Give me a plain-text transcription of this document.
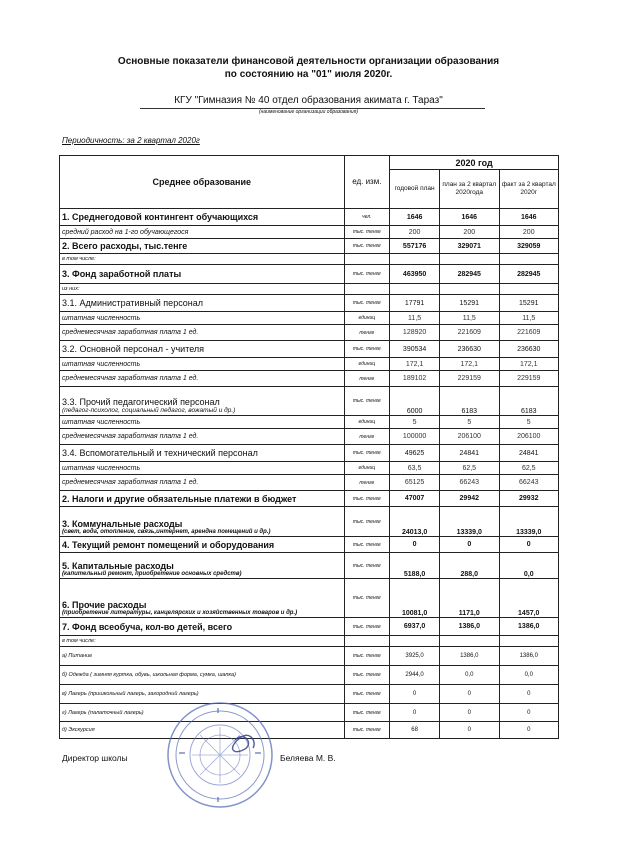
Основные показатели финансовой деятельности организации образования
по состоянию на "01" июля 2020г.
КГУ "Гимназия № 40 отдел образования акимата г. Тараз"
(наименование организации образования)
Периодичность: за 2 квартал 2020г
Среднее образование	ед. изм.	2020 год		
		годовой план	план за 2 квартал 2020года	факт за 2 квартал 2020г
1. Среднегодовой контингент обучающихся	чел.	1646	1646	1646
средний расход на 1-го обучающегося	тыс. тенге	200	200	200
2. Всего расходы, тыс.тенге	тыс. тенге	557176	329071	329059
в том числе:				
3. Фонд заработной платы	тыс. тенге	463950	282945	282945
из них:				
3.1. Административный персонал	тыс. тенге	17791	15291	15291
штатная численность	единиц	11,5	11,5	11,5
среднемесячная заработная плата 1 ед.	тенге	128920	221609	221609
3.2. Основной персонал - учителя	тыс. тенге	390534	236630	236630
штатная численность	единиц	172,1	172,1	172,1
среднемесячная заработная плата 1 ед.	тенге	189102	229159	229159
3.3. Прочий педагогический персонал
(педагог-психолог, социальный педагог, вожатый и др.)	тыс. тенге	6000	6183	6183
штатная численность	единиц	5	5	5
среднемесячная заработная плата 1 ед.	тенге	100000	206100	206100
3.4. Вспомогательный и технический персонал	тыс. тенге	49625	24841	24841
штатная численность	единиц	63,5	62,5	62,5
среднемесячная заработная плата 1 ед.	тенге	65125	66243	66243
2. Налоги и другие обязательные платежи в бюджет	тыс. тенге	47007	29942	29932
3. Коммунальные расходы
(свет, вода, отопление, связь,интернет, арендна помещений и др.)	тыс. тенге	24013,0	13339,0	13339,0
4. Текущий ремонт помещений и оборудования	тыс. тенге	0	0	0
5. Капитальные расходы
(капительный ремонт, приобретение основных средств)	тыс. тенге	5188,0	288,0	0,0
6. Прочие расходы
(приобретение литературы, канцелярских и хозяйственных товаров и др.)	тыс. тенге	10081,0	1171,0	1457,0
7. Фонд всеобуча, кол-во детей, всего	тыс. тенге	6937,0	1386,0	1386,0
в том числе:				
а) Питание	тыс. тенге	3925,0	1386,0	1386,0
б) Одежда ( зимняя куртка, обувь, школьная форма, сумка, шапка)	тыс. тенге	2944,0	0,0	0,0
в) Лагерь (пришкольный лагерь, загородний лагерь)	тыс. тенге	0	0	0
г) Лагерь (палаточный лагерь)	тыс. тенге	0	0	0
д) Экскурсия	тыс. тенге	68	0	0
Директор школы	Беляева М. В.
